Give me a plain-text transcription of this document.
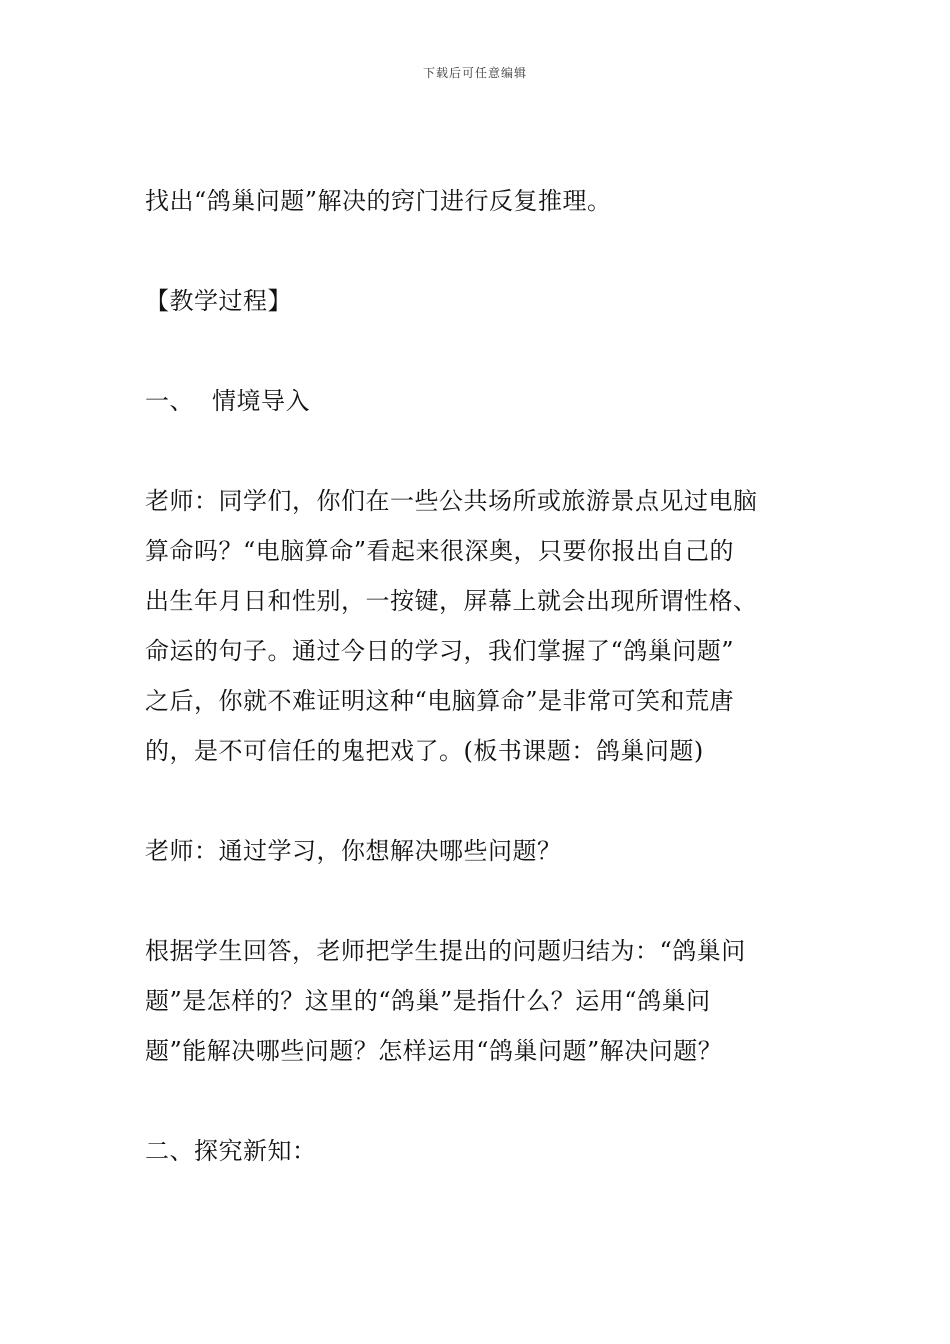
下载后可任意编辑

找出“鸽巢问题”解决的窍门进行反复推理。

【教学过程】

一、 情境导入

老师：同学们，你们在一些公共场所或旅游景点见过电脑

算命吗？“电脑算命”看起来很深奥，只要你报出自己的

出生年月日和性别，一按键，屏幕上就会出现所谓性格、

命运的句子。通过今日的学习，我们掌握了“鸽巢问题”

之后，你就不难证明这种“电脑算命”是非常可笑和荒唐

的，是不可信任的鬼把戏了。(板书课题：鸽巢问题)

老师：通过学习，你想解决哪些问题？

根据学生回答，老师把学生提出的问题归结为：“鸽巢问

题”是怎样的？这里的“鸽巢”是指什么？运用“鸽巢问

题”能解决哪些问题？怎样运用“鸽巢问题”解决问题？

二、探究新知：
